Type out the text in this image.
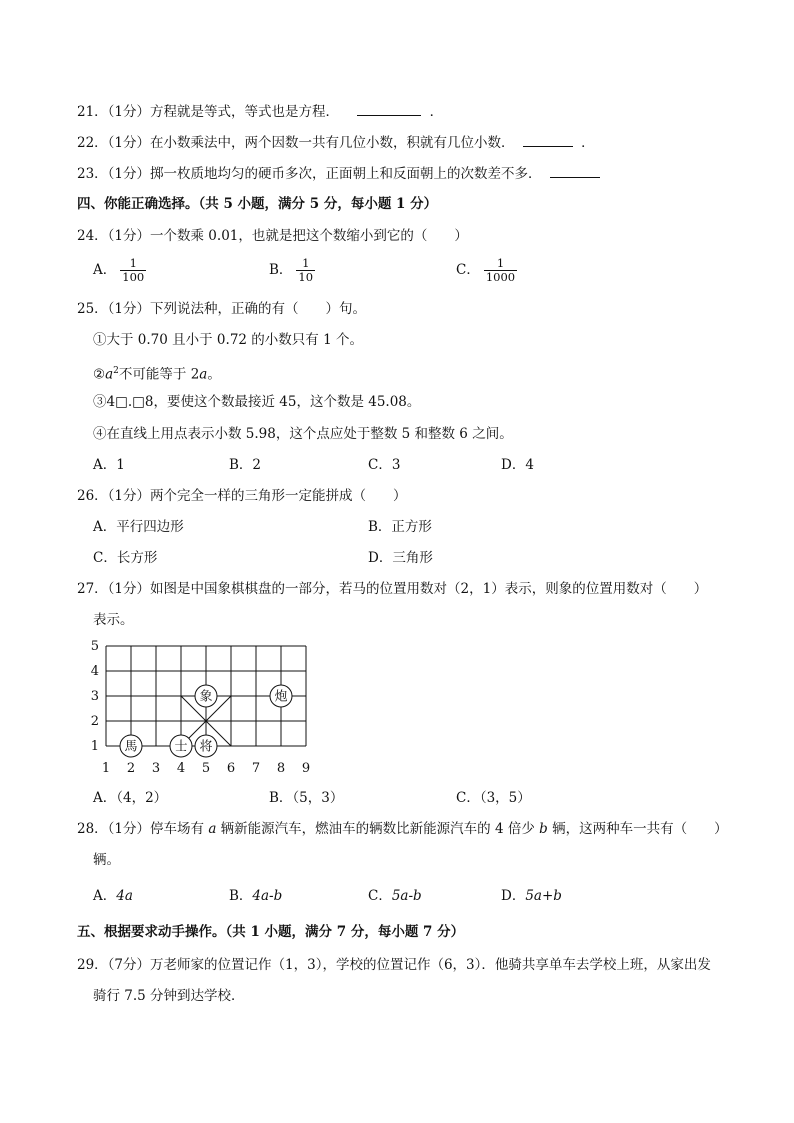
21．（1分）方程就是等式，等式也是方程．	．
22．（1分）在小数乘法中，两个因数一共有几位小数，积就有几位小数．	．
23．（1分）掷一枚质地均匀的硬币多次，正面朝上和反面朝上的次数差不多．
四、你能正确选择。（共 5 小题，满分 5 分，每小题 1 分）
24．（1分）一个数乘 0.01，也就是把这个数缩小到它的（　　）
A． $\frac{1}{100}$	B． $\frac{1}{10}$	C． $\frac{1}{1000}$
25．（1分）下列说法种，正确的有（　　）句。
①大于 0.70 且小于 0.72 的小数只有 1 个。
$②a^2$不可能等于 2a。
③4□.□8，要使这个数最接近 45，这个数是 45.08。
④在直线上用点表示小数 5.98，这个点应处于整数 5 和整数 6 之间。
A．1	B．2	C．3	D．4
26．（1分）两个完全一样的三角形一定能拼成（　　）
A．平行四边形	B．正方形
C．长方形	D．三角形
27．（1分）如图是中国象棋棋盘的一部分，若马的位置用数对（2，1）表示，则象的位置用数对（　　）
表示。
1
2
3
4
5
1 2 3 4 5 6 7 8 9
馬	士 将
象	炮
A．（4，2）	B．（5，3）	C．（3，5）
28．（1分）停车场有 a 辆新能源汽车，燃油车的辆数比新能源汽车的 4 倍少 b 辆，这两种车一共有（　　）
辆。
A．4a	B．4a-b	C．5a-b	D．5a+b
五、根据要求动手操作。（共 1 小题，满分 7 分，每小题 7 分）
29．（7分）万老师家的位置记作（1，3），学校的位置记作（6，3）．他骑共享单车去学校上班，从家出发
骑行 7.5 分钟到达学校．
